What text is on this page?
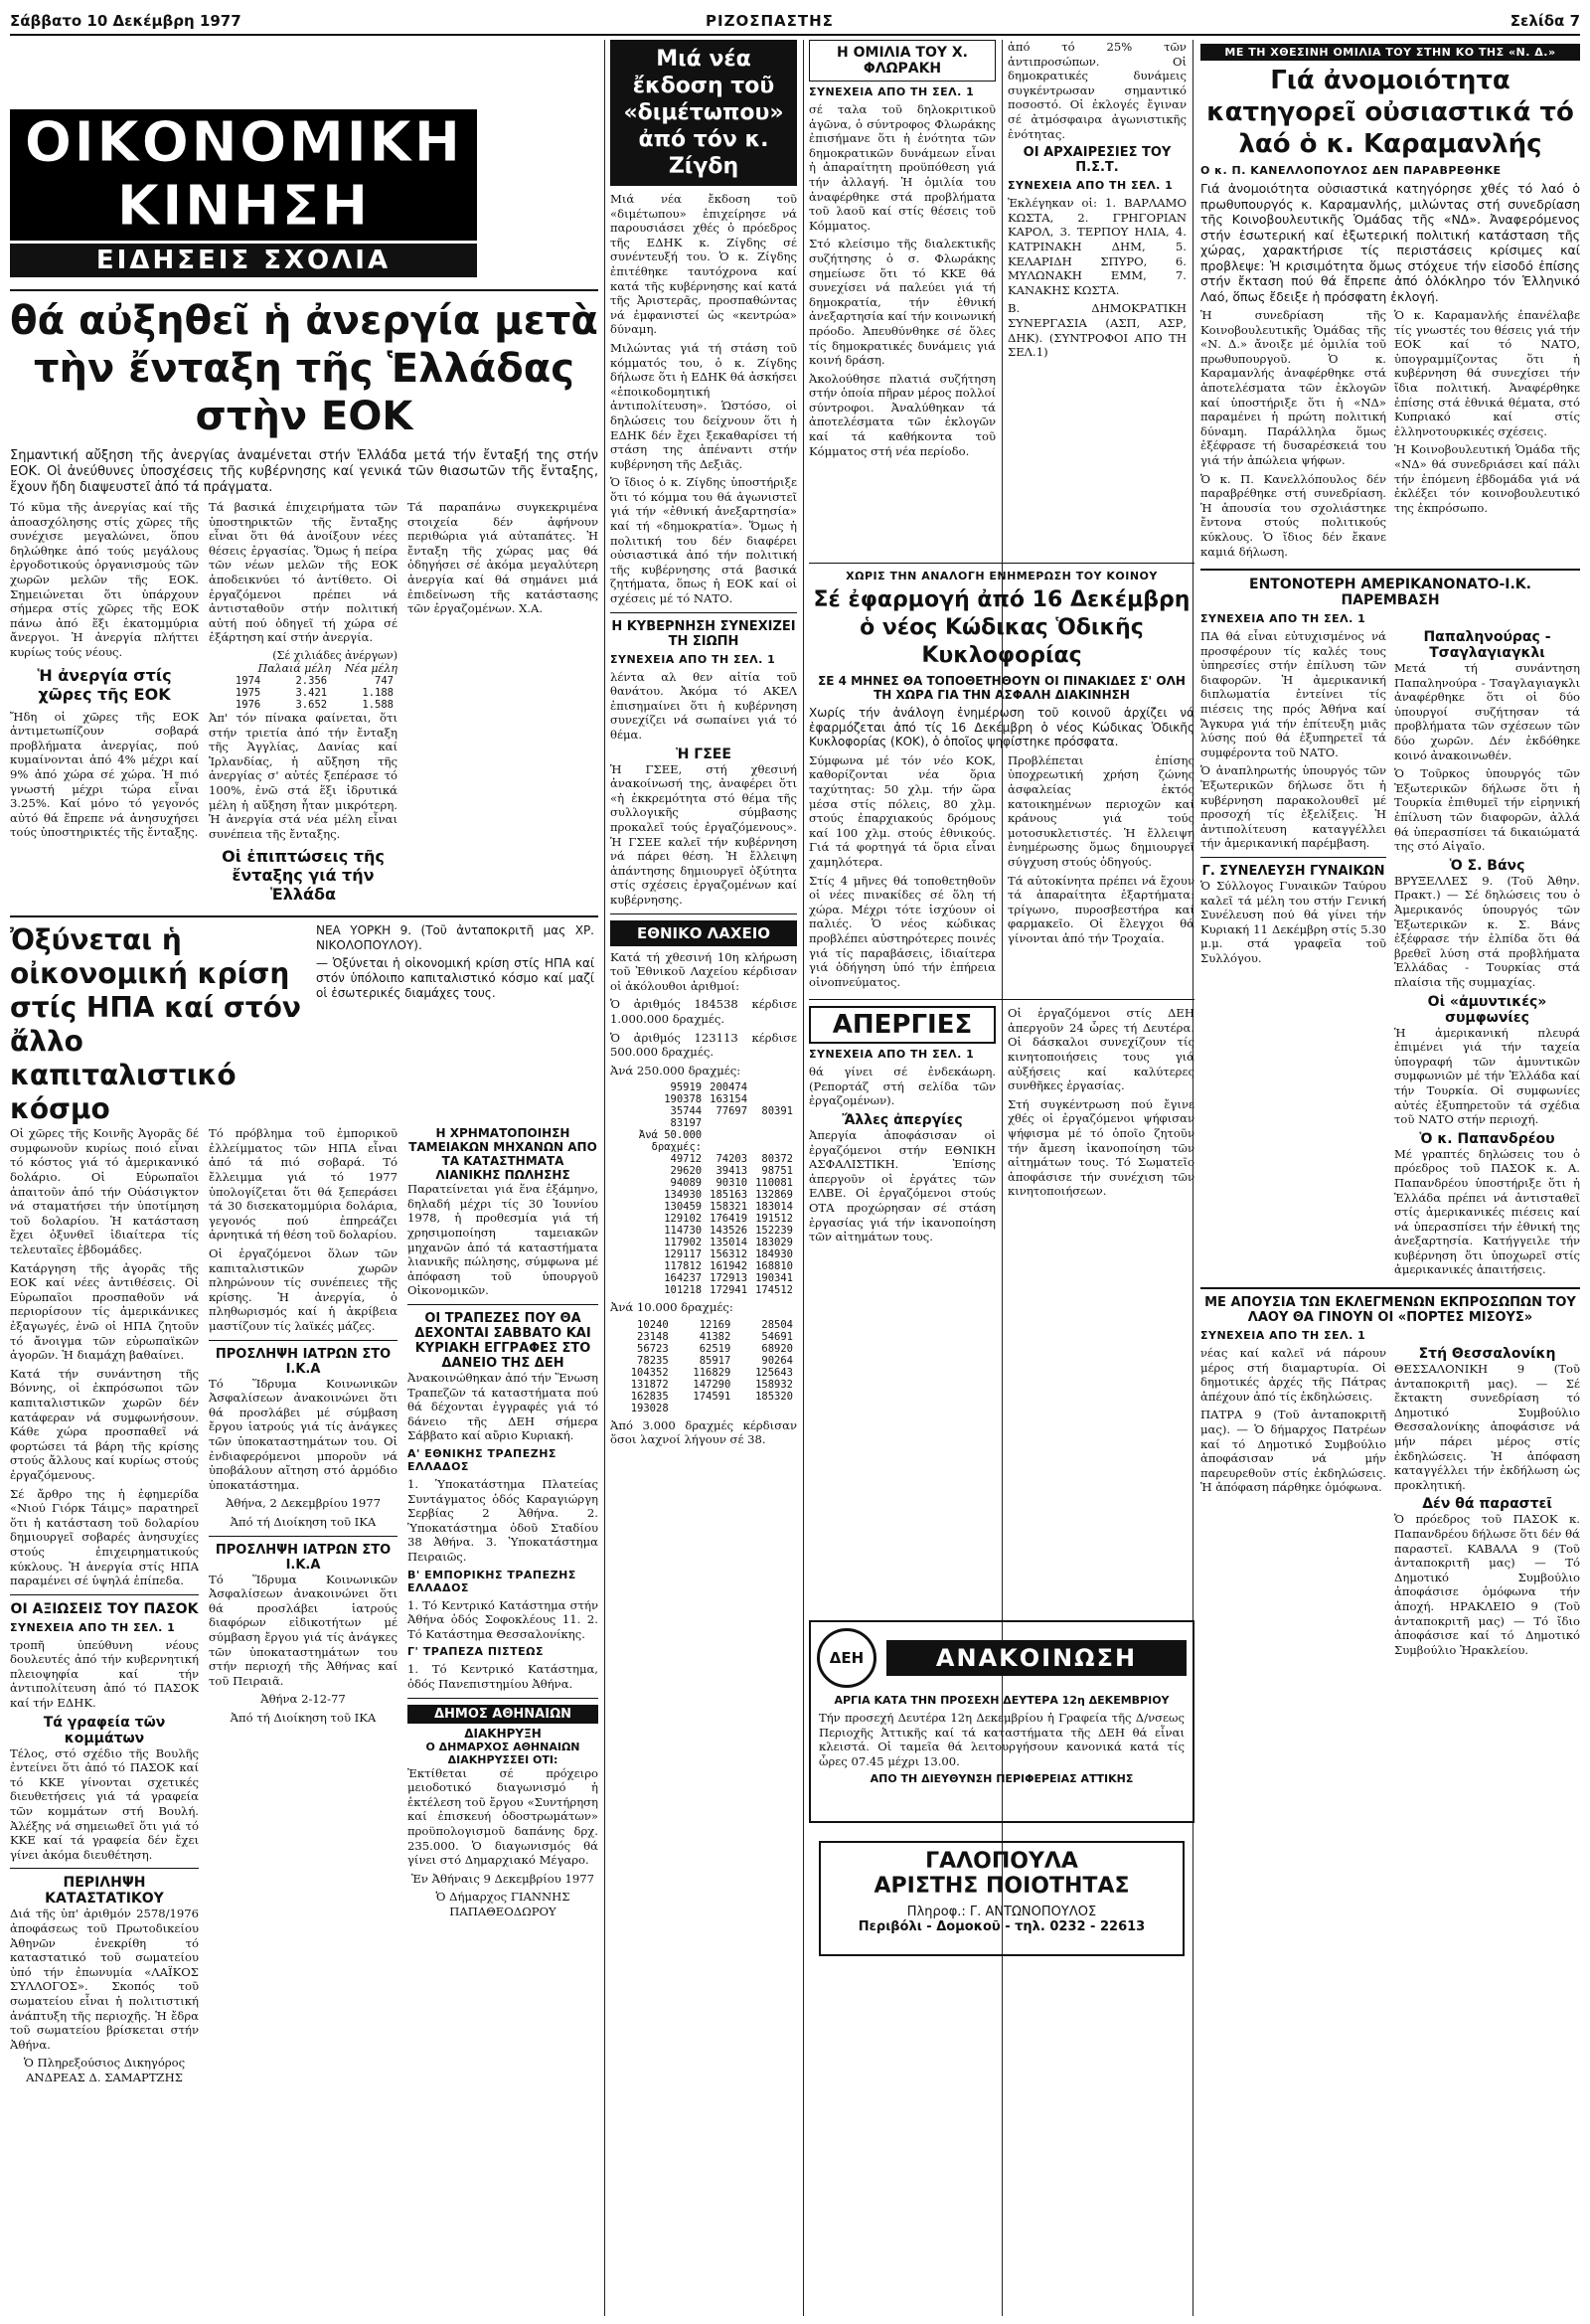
Σάββατο 10 Δεκέμβρη 1977	ΡΙΖΟΣΠΑΣΤΗΣ	Σελίδα 7
ΟΙΚΟΝΟΜΙΚΗ ΚΙΝΗΣΗ
ΕΙΔΗΣΕΙΣ ΣΧΟΛΙΑ
θά αὐξηθεῖ ἡ ἀνεργία μετὰ
τὴν ἔνταξη τῆς Ἑλλάδας στὴν ΕΟΚ

Σημαντική αὔξηση τῆς ἀνεργίας ἀναμένεται στήν Ἑλλάδα μετά τήν ἔνταξή της στήν ΕΟΚ. Οἱ ἀνεύθυνες ὑποσχέσεις τῆς κυβέρνησης καί γενικά τῶν θιασωτῶν τῆς ἔνταξης, ἔχουν ἤδη διαψευστεῖ ἀπό τά πράγματα.

Τό κῦμα τῆς ἀνεργίας καί τῆς ἀποασχόλησης στίς χῶρες τῆς συνέχισε μεγαλώνει, ὅπου δηλώθηκε ἀπό τούς μεγάλους ἐργοδοτικούς ὀργανισμούς τῶν χωρῶν μελῶν τῆς ΕΟΚ. Σημειώνεται ὅτι ὑπάρχουν σήμερα στίς χῶρες τῆς ΕΟΚ πάνω ἀπό ἕξι ἑκατομμύρια ἄνεργοι. Ἡ ἀνεργία πλήττει κυρίως τούς νέους.

Ἡ ἀνεργία στίς χῶρες τῆς ΕΟΚ

Ἤδη οἱ χῶρες τῆς ΕΟΚ ἀντιμετωπίζουν σοβαρά προβλήματα ἀνεργίας, πού κυμαίνονται ἀπό 4% μέχρι καί 9% ἀπό χώρα σέ χώρα. Ἡ πιό γνωστή μέχρι τώρα εἶναι 3.25%. Καί μόνο τό γεγονός αὐτό θά ἔπρεπε νά ἀνησυχήσει τούς ὑποστηρικτές τῆς ἔνταξης.

Τά βασικά ἐπιχειρήματα τῶν ὑποστηρικτῶν τῆς ἔνταξης εἶναι ὅτι θά ἀνοίξουν νέες θέσεις ἐργασίας. Ὅμως ἡ πείρα τῶν νέων μελῶν τῆς ΕΟΚ ἀποδεικνύει τό ἀντίθετο. Οἱ ἐργαζόμενοι πρέπει νά ἀντισταθοῦν στήν πολιτική αὐτή πού ὁδηγεῖ τή χώρα σέ ἐξάρτηση καί στήν ἀνεργία.

(Σέ χιλιάδες ἀνέργων)
Παλαιά μέλη Νέα μέλη
1974	2.356	747
1975	3.421	1.188
1976	3.652	1.588

Ἀπ' τόν πίνακα φαίνεται, ὅτι στήν τριετία ἀπό τήν ἔνταξη τῆς Ἀγγλίας, Δανίας καί Ἰρλανδίας, ἡ αὔξηση τῆς ἀνεργίας σ' αὐτές ξεπέρασε τό 100%, ἐνῶ στά ἕξι ἰδρυτικά μέλη ἡ αὔξηση ἦταν μικρότερη. Ἡ ἀνεργία στά νέα μέλη εἶναι συνέπεια τῆς ἔνταξης.

Οἱ ἐπιπτώσεις τῆς ἔνταξης γιά τήν Ἑλλάδα

Τά παραπάνω συγκεκριμένα στοιχεία δέν ἀφήνουν περιθώρια γιά αὐταπάτες. Ἡ ἔνταξη τῆς χώρας μας θά ὁδηγήσει σέ ἀκόμα μεγαλύτερη ἀνεργία καί θά σημάνει μιά ἐπιδείνωση τῆς κατάστασης τῶν ἐργαζομένων. Χ.Α.

Ὀξύνεται ἡ οἰκονομική κρίση στίς ΗΠΑ καί στόν ἄλλο καπιταλιστικό κόσμο

ΝΕΑ ΥΟΡΚΗ 9. (Τοῦ ἀνταποκριτῆ μας ΧΡ. ΝΙΚΟΛΟΠΟΥΛΟΥ).

— Ὀξύνεται ἡ οἰκονομική κρίση στίς ΗΠΑ καί στόν ὑπόλοιπο καπιταλιστικό κόσμο καί μαζί οἱ ἐσωτερικές διαμάχες τους.

Οἱ χῶρες τῆς Κοινῆς Ἀγορᾶς δέ συμφωνοῦν κυρίως ποιό εἶναι τό κόστος γιά τό ἀμερικανικό δολάριο. Οἱ Εὐρωπαῖοι ἀπαιτοῦν ἀπό τήν Οὐάσιγκτον νά σταματήσει τήν ὑποτίμηση τοῦ δολαρίου. Ἡ κατάσταση ἔχει ὀξυνθεῖ ἰδιαίτερα τίς τελευταῖες ἑβδομάδες.

Κατάργηση τῆς ἀγορᾶς τῆς ΕΟΚ καί νέες ἀντιθέσεις. Οἱ Εὐρωπαῖοι προσπαθοῦν νά περιορίσουν τίς ἀμερικάνικες ἐξαγωγές, ἐνῶ οἱ ΗΠΑ ζητοῦν τό ἄνοιγμα τῶν εὐρωπαϊκῶν ἀγορῶν. Ἡ διαμάχη βαθαίνει.

Κατά τήν συνάντηση τῆς Βόννης, οἱ ἐκπρόσωποι τῶν καπιταλιστικῶν χωρῶν δέν κατάφεραν νά συμφωνήσουν. Κάθε χώρα προσπαθεῖ νά φορτώσει τά βάρη τῆς κρίσης στούς ἄλλους καί κυρίως στούς ἐργαζόμενους.

Σέ ἄρθρο της ἡ ἐφημερίδα «Νιού Γιόρκ Τάιμς» παρατηρεῖ ὅτι ἡ κατάσταση τοῦ δολαρίου δημιουργεῖ σοβαρές ἀνησυχίες στούς ἐπιχειρηματικούς κύκλους. Ἡ ἀνεργία στίς ΗΠΑ παραμένει σέ ὑψηλά ἐπίπεδα.

ΟΙ ΑΞΙΩΣΕΙΣ ΤΟΥ ΠΑΣΟΚ
ΣΥΝΕΧΕΙΑ ΑΠΟ ΤΗ ΣΕΛ. 1

τροπῆ ὑπεύθυνη νέους δουλευτές ἀπό τήν κυβερνητική πλειοψηφία καί τήν ἀντιπολίτευση ἀπό τό ΠΑΣΟΚ καί τήν ΕΔΗΚ.

Τά γραφεία τῶν κομμάτων

Τέλος, στό σχέδιο τῆς Βουλῆς ἐντείνει ὅτι ἀπό τό ΠΑΣΟΚ καί τό ΚΚΕ γίνονται σχετικές διευθετήσεις γιά τά γραφεία τῶν κομμάτων στή Βουλή. Ἀλέξης νά σημειωθεῖ ὅτι γιά τό ΚΚΕ καί τά γραφεία δέν ἔχει γίνει ἀκόμα διευθέτηση.

ΠΕΡΙΛΗΨΗ ΚΑΤΑΣΤΑΤΙΚΟΥ

Διά τῆς ὑπ' ἀριθμόν 2578/1976 ἀποφάσεως τοῦ Πρωτοδικείου Ἀθηνῶν ἐνεκρίθη τό καταστατικό τοῦ σωματείου ὑπό τήν ἐπωνυμία «ΛΑΪΚΟΣ ΣΥΛΛΟΓΟΣ». Σκοπός τοῦ σωματείου εἶναι ἡ πολιτιστική ἀνάπτυξη τῆς περιοχῆς. Ἡ ἔδρα τοῦ σωματείου βρίσκεται στήν Ἀθήνα.

Ὁ Πληρεξούσιος Δικηγόρος ΑΝΔΡΕΑΣ Δ. ΣΑΜΑΡΤΖΗΣ

Τό πρόβλημα τοῦ ἐμπορικοῦ ἐλλείμματος τῶν ΗΠΑ εἶναι ἀπό τά πιό σοβαρά. Τό ἔλλειμμα γιά τό 1977 ὑπολογίζεται ὅτι θά ξεπεράσει τά 30 δισεκατομμύρια δολάρια, γεγονός πού ἐπηρεάζει ἀρνητικά τή θέση τοῦ δολαρίου.

Οἱ ἐργαζόμενοι ὅλων τῶν καπιταλιστικῶν χωρῶν πληρώνουν τίς συνέπειες τῆς κρίσης. Ἡ ἀνεργία, ὁ πληθωρισμός καί ἡ ἀκρίβεια μαστίζουν τίς λαϊκές μάζες.

ΠΡΟΣΛΗΨΗ ΙΑΤΡΩΝ ΣΤΟ Ι.Κ.Α

Τό Ἵδρυμα Κοινωνικῶν Ἀσφαλίσεων ἀνακοινώνει ὅτι θά προσλάβει μέ σύμβαση ἔργου ἰατρούς γιά τίς ἀνάγκες τῶν ὑποκαταστημάτων του. Οἱ ἐνδιαφερόμενοι μποροῦν νά ὑποβάλουν αἴτηση στό ἀρμόδιο ὑποκατάστημα.

Ἀθήνα, 2 Δεκεμβρίου 1977

Ἀπό τή Διοίκηση τοῦ ΙΚΑ

ΠΡΟΣΛΗΨΗ ΙΑΤΡΩΝ ΣΤΟ Ι.Κ.Α

Τό Ἵδρυμα Κοινωνικῶν Ἀσφαλίσεων ἀνακοινώνει ὅτι θά προσλάβει ἰατρούς διαφόρων εἰδικοτήτων μέ σύμβαση ἔργου γιά τίς ἀνάγκες τῶν ὑποκαταστημάτων του στήν περιοχή τῆς Ἀθήνας καί τοῦ Πειραιᾶ.

Ἀθήνα 2-12-77

Ἀπό τή Διοίκηση τοῦ ΙΚΑ

Η ΧΡΗΜΑΤΟΠΟΙΗΣΗ ΤΑΜΕΙΑΚΩΝ ΜΗΧΑΝΩΝ ΑΠΟ ΤΑ ΚΑΤΑΣΤΗΜΑΤΑ ΛΙΑΝΙΚΗΣ ΠΩΛΗΣΗΣ

Παρατείνεται γιά ἕνα ἑξάμηνο, δηλαδή μέχρι τίς 30 Ἰουνίου 1978, ἡ προθεσμία γιά τή χρησιμοποίηση ταμειακῶν μηχανῶν ἀπό τά καταστήματα λιανικῆς πώλησης, σύμφωνα μέ ἀπόφαση τοῦ ὑπουργοῦ Οἰκονομικῶν.

ΟΙ ΤΡΑΠΕΖΕΣ ΠΟΥ ΘΑ ΔΕΧΟΝΤΑΙ ΣΑΒΒΑΤΟ ΚΑΙ ΚΥΡΙΑΚΗ ΕΓΓΡΑΦΕΣ ΣΤΟ ΔΑΝΕΙΟ ΤΗΣ ΔΕΗ

Ἀνακοινώθηκαν ἀπό τήν Ἕνωση Τραπεζῶν τά καταστήματα πού θά δέχονται ἐγγραφές γιά τό δάνειο τῆς ΔΕΗ σήμερα Σάββατο καί αὔριο Κυριακή.

Α' ΕΘΝΙΚΗΣ ΤΡΑΠΕΖΗΣ ΕΛΛΑΔΟΣ

1. Ὑποκατάστημα Πλατείας Συντάγματος ὁδός Καραγιώργη Σερβίας 2 Ἀθήνα. 2. Ὑποκατάστημα ὁδοῦ Σταδίου 38 Ἀθήνα. 3. Ὑποκατάστημα Πειραιῶς.

Β' ΕΜΠΟΡΙΚΗΣ ΤΡΑΠΕΖΗΣ ΕΛΛΑΔΟΣ

1. Τό Κεντρικό Κατάστημα στήν Ἀθήνα ὁδός Σοφοκλέους 11. 2. Τό Κατάστημα Θεσσαλονίκης.

Γ' ΤΡΑΠΕΖΑ ΠΙΣΤΕΩΣ

1. Τό Κεντρικό Κατάστημα, ὁδός Πανεπιστημίου Ἀθήνα.

ΔΗΜΟΣ ΑΘΗΝΑΙΩΝ
ΔΙΑΚΗΡΥΞΗ
Ο ΔΗΜΑΡΧΟΣ ΑΘΗΝΑΙΩΝ ΔΙΑΚΗΡΥΣΣΕΙ ΟΤΙ:

Ἐκτίθεται σέ πρόχειρο μειοδοτικό διαγωνισμό ἡ ἐκτέλεση τοῦ ἔργου «Συντήρηση καί ἐπισκευή ὁδοστρωμάτων» προϋπολογισμοῦ δαπάνης δρχ. 235.000. Ὁ διαγωνισμός θά γίνει στό Δημαρχιακό Μέγαρο.

Ἐν Ἀθήναις 9 Δεκεμβρίου 1977

Ὁ Δήμαρχος ΓΙΑΝΝΗΣ ΠΑΠΑΘΕΟΔΩΡΟΥ

Μιά νέα ἔκδοση τοῦ «διμέτωπου» ἀπό τόν κ. Ζίγδη

Μιά νέα ἔκδοση τοῦ «διμέτωπου» ἐπιχείρησε νά παρουσιάσει χθές ὁ πρόεδρος τῆς ΕΔΗΚ κ. Ζίγδης σέ συνέντευξή του. Ὁ κ. Ζίγδης ἐπιτέθηκε ταυτόχρονα καί κατά τῆς κυβέρνησης καί κατά τῆς Ἀριστερᾶς, προσπαθώντας νά ἐμφανιστεί ὡς «κεντρώα» δύναμη.

Μιλώντας γιά τή στάση τοῦ κόμματός του, ὁ κ. Ζίγδης δήλωσε ὅτι ἡ ΕΔΗΚ θά ἀσκήσει «ἐποικοδομητική ἀντιπολίτευση». Ὡστόσο, οἱ δηλώσεις του δείχνουν ὅτι ἡ ΕΔΗΚ δέν ἔχει ξεκαθαρίσει τή στάση της ἀπέναντι στήν κυβέρνηση τῆς Δεξιᾶς.

Ὁ ἴδιος ὁ κ. Ζίγδης ὑποστήριξε ὅτι τό κόμμα του θά ἀγωνιστεῖ γιά τήν «ἐθνική ἀνεξαρτησία» καί τή «δημοκρατία». Ὅμως ἡ πολιτική του δέν διαφέρει οὐσιαστικά ἀπό τήν πολιτική τῆς κυβέρνησης στά βασικά ζητήματα, ὅπως ἡ ΕΟΚ καί οἱ σχέσεις μέ τό ΝΑΤΟ.

Η ΚΥΒΕΡΝΗΣΗ ΣΥΝΕΧΙΖΕΙ ΤΗ ΣΙΩΠΗ
ΣΥΝΕΧΕΙΑ ΑΠΟ ΤΗ ΣΕΛ. 1

λέντα αλ θεν αἰτία τοῦ θανάτου. Ἀκόμα τό ΑΚΕΛ ἐπισημαίνει ὅτι ἡ κυβέρνηση συνεχίζει νά σωπαίνει γιά τό θέμα.

Ἡ ΓΣΕΕ

Ἡ ΓΣΕΕ, στή χθεσινή ἀνακοίνωσή της, ἀναφέρει ὅτι «ἡ ἐκκρεμότητα στό θέμα τῆς συλλογικῆς σύμβασης προκαλεῖ τούς ἐργαζόμενους». Ἡ ΓΣΕΕ καλεῖ τήν κυβέρνηση νά πάρει θέση. Ἡ ἔλλειψη ἀπάντησης δημιουργεῖ ὀξύτητα στίς σχέσεις ἐργαζομένων καί κυβέρνησης.

ΕΘΝΙΚΟ ΛΑΧΕΙΟ

Κατά τή χθεσινή 10η κλήρωση τοῦ Ἐθνικοῦ Λαχείου κέρδισαν οἱ ἀκόλουθοι ἀριθμοί:

Ὁ ἀριθμός 184538 κέρδισε 1.000.000 δραχμές.

Ὁ ἀριθμός 123113 κέρδισε 500.000 δραχμές.

Ἀνά 250.000 δραχμές:

95919	200474	
190378	163154	
35744	77697	80391
83197		
Ἀνά 50.000 δραχμές:		
49712	74203	80372
29620	39413	98751
94089	90310	110081
134930	185163	132869
130459	158321	183014
129102	176419	191512
114730	143526	152239
117902	135014	183029
129117	156312	184930
117812	161942	168810
164237	172913	190341
101218	172941	174512

Ἀνά 10.000 δραχμές:

10240	12169	28504
23148	41382	54691
56723	62519	68920
78235	85917	90264
104352	116829	125643
131872	147290	158932
162835	174591	185320
193028		

Ἀπό 3.000 δραχμές κέρδισαν ὅσοι λαχνοί λήγουν σέ 38.

Η ΟΜΙΛΙΑ ΤΟΥ Χ. ΦΛΩΡΑΚΗ
ΣΥΝΕΧΕΙΑ ΑΠΟ ΤΗ ΣΕΛ. 1

σέ ταλα τοῦ δηλοκριτικοῦ ἀγῶνα, ὁ σύντροφος Φλωράκης ἐπισήμανε ὅτι ἡ ἑνότητα τῶν δημοκρατικῶν δυνάμεων εἶναι ἡ ἀπαραίτητη προϋπόθεση γιά τήν ἀλλαγή. Ἡ ὁμιλία του ἀναφέρθηκε στά προβλήματα τοῦ λαοῦ καί στίς θέσεις τοῦ Κόμματος.

Στό κλείσιμο τῆς διαλεκτικῆς συζήτησης ὁ σ. Φλωράκης σημείωσε ὅτι τό ΚΚΕ θά συνεχίσει νά παλεύει γιά τή δημοκρατία, τήν ἐθνική ἀνεξαρτησία καί τήν κοινωνική πρόοδο. Ἀπευθύνθηκε σέ ὅλες τίς δημοκρατικές δυνάμεις γιά κοινή δράση.

Ἀκολούθησε πλατιά συζήτηση στήν ὁποία πῆραν μέρος πολλοί σύντροφοι. Ἀναλύθηκαν τά ἀποτελέσματα τῶν ἐκλογῶν καί τά καθήκοντα τοῦ Κόμματος στή νέα περίοδο.

ἀπό τό 25% τῶν ἀντιπροσώπων. Οἱ δημοκρατικές δυνάμεις συγκέντρωσαν σημαντικό ποσοστό. Οἱ ἐκλογές ἔγιναν σέ ἀτμόσφαιρα ἀγωνιστικῆς ἑνότητας.

ΟΙ ΑΡΧΑΙΡΕΣΙΕΣ ΤΟΥ Π.Σ.Τ.
ΣΥΝΕΧΕΙΑ ΑΠΟ ΤΗ ΣΕΛ. 1

Ἐκλέγηκαν οἱ: 1. ΒΑΡΛΑΜΟ ΚΩΣΤΑ, 2. ΓΡΗΓΟΡΙΑΝ ΚΑΡΟΛ, 3. ΤΕΡΠΟΥ ΗΛΙΑ, 4. ΚΑΤΡΙΝΑΚΗ ΔΗΜ, 5. ΚΕΛΑΡΙΔΗ ΣΠΥΡΟ, 6. ΜΥΛΩΝΑΚΗ ΕΜΜ, 7. ΚΑΝΑΚΗΣ ΚΩΣΤΑ.

Β. ΔΗΜΟΚΡΑΤΙΚΗ ΣΥΝΕΡΓΑΣΙΑ (ΑΣΠ, ΑΣΡ, ΔΗΚ). (ΣΥΝΤΡΟΦΟΙ ΑΠΟ ΤΗ ΣΕΛ.1)

ΧΩΡΙΣ ΤΗΝ ΑΝΑΛΟΓΗ ΕΝΗΜΕΡΩΣΗ ΤΟΥ ΚΟΙΝΟΥ
Σέ ἐφαρμογή ἀπό 16 Δεκέμβρη ὁ νέος Κώδικας Ὁδικῆς Κυκλοφορίας
ΣΕ 4 ΜΗΝΕΣ ΘΑ ΤΟΠΟΘΕΤΗΘΟΥΝ ΟΙ ΠΙΝΑΚΙΔΕΣ Σ' ΟΛΗ ΤΗ ΧΩΡΑ ΓΙΑ ΤΗΝ ΑΣΦΑΛΗ ΔΙΑΚΙΝΗΣΗ

Χωρίς τήν ἀνάλογη ἐνημέρωση τοῦ κοινοῦ ἀρχίζει νά ἐφαρμόζεται ἀπό τίς 16 Δεκέμβρη ὁ νέος Κώδικας Ὁδικῆς Κυκλοφορίας (ΚΟΚ), ὁ ὁποῖος ψηφίστηκε πρόσφατα.

Σύμφωνα μέ τόν νέο ΚΟΚ, καθορίζονται νέα ὅρια ταχύτητας: 50 χλμ. τήν ὥρα μέσα στίς πόλεις, 80 χλμ. στούς ἐπαρχιακούς δρόμους καί 100 χλμ. στούς ἐθνικούς. Γιά τά φορτηγά τά ὅρια εἶναι χαμηλότερα.

Στίς 4 μῆνες θά τοποθετηθοῦν οἱ νέες πινακίδες σέ ὅλη τή χώρα. Μέχρι τότε ἰσχύουν οἱ παλιές. Ὁ νέος κώδικας προβλέπει αὐστηρότερες ποινές γιά τίς παραβάσεις, ἰδιαίτερα γιά ὁδήγηση ὑπό τήν ἐπήρεια οἰνοπνεύματος.

Προβλέπεται ἐπίσης ὑποχρεωτική χρήση ζώνης ἀσφαλείας ἐκτός κατοικημένων περιοχῶν καί κράνους γιά τούς μοτοσυκλετιστές. Ἡ ἔλλειψη ἐνημέρωσης ὅμως δημιουργεῖ σύγχυση στούς ὁδηγούς.

Τά αὐτοκίνητα πρέπει νά ἔχουν τά ἀπαραίτητα ἐξαρτήματα: τρίγωνο, πυροσβεστήρα καί φαρμακεῖο. Οἱ ἔλεγχοι θά γίνονται ἀπό τήν Τροχαία.

ΑΠΕΡΓΙΕΣ
ΣΥΝΕΧΕΙΑ ΑΠΟ ΤΗ ΣΕΛ. 1

θά γίνει σέ ἐνδεκάωρη. (Ρεπορτάζ στή σελίδα τῶν ἐργαζομένων).

Ἄλλες ἀπεργίες

Ἀπεργία ἀποφάσισαν οἱ ἐργαζόμενοι στήν ΕΘΝΙΚΗ ΑΣΦΑΛΙΣΤΙΚΗ. Ἐπίσης ἀπεργοῦν οἱ ἐργάτες τῶν ΕΛΒΕ. Οἱ ἐργαζόμενοι στούς ΟΤΑ προχώρησαν σέ στάση ἐργασίας γιά τήν ἱκανοποίηση τῶν αἰτημάτων τους.

Οἱ ἐργαζόμενοι στίς ΔΕΗ ἀπεργοῦν 24 ὧρες τή Δευτέρα. Οἱ δάσκαλοι συνεχίζουν τίς κινητοποιήσεις τους γιά αὐξήσεις καί καλύτερες συνθῆκες ἐργασίας.

Στή συγκέντρωση πού ἔγινε χθές οἱ ἐργαζόμενοι ψήφισαν ψήφισμα μέ τό ὁποῖο ζητοῦν τήν ἄμεση ἱκανοποίηση τῶν αἰτημάτων τους. Τό Σωματεῖο ἀποφάσισε τήν συνέχιση τῶν κινητοποιήσεων.

ΔΕΗ	ΑΝΑΚΟΙΝΩΣΗ
ΑΡΓΙΑ ΚΑΤΑ ΤΗΝ ΠΡΟΣΕΧΗ ΔΕΥΤΕΡΑ 12η ΔΕΚΕΜΒΡΙΟΥ

Τήν προσεχή Δευτέρα 12η Δεκεμβρίου ἡ Γραφεία τῆς Δ/νσεως Περιοχῆς Ἀττικῆς καί τά καταστήματα τῆς ΔΕΗ θά εἶναι κλειστά. Οἱ ταμεῖα θά λειτουργήσουν κανονικά κατά τίς ὧρες 07.45 μέχρι 13.00.

ΑΠΟ ΤΗ ΔΙΕΥΘΥΝΣΗ ΠΕΡΙΦΕΡΕΙΑΣ ΑΤΤΙΚΗΣ
ΓΑΛΟΠΟΥΛΑ
ΑΡΙΣΤΗΣ ΠΟΙΟΤΗΤΑΣ
Πληροφ.: Γ. ΑΝΤΩΝΟΠΟΥΛΟΣ
Περιβόλι - Δομοκοῦ - τηλ. 0232 - 22613
ΜΕ ΤΗ ΧΘΕΣΙΝΗ ΟΜΙΛΙΑ ΤΟΥ ΣΤΗΝ ΚΟ ΤΗΣ «Ν. Δ.»
Γιά ἀνομοιότητα κατηγορεῖ οὐσιαστικά τό λαό ὁ κ. Καραμανλής
Ο κ. Π. ΚΑΝΕΛΛΟΠΟΥΛΟΣ ΔΕΝ ΠΑΡΑΒΡΕΘΗΚΕ

Γιά ἀνομοιότητα οὐσιαστικά κατηγόρησε χθές τό λαό ὁ πρωθυπουργός κ. Καραμανλής, μιλώντας στή συνεδρίαση τῆς Κοινοβουλευτικῆς Ὁμάδας τῆς «ΝΔ». Ἀναφερόμενος στήν ἐσωτερική καί ἐξωτερική πολιτική κατάσταση τῆς χώρας, χαρακτήρισε τίς περιστάσεις κρίσιμες καί προβλεψε: Ἡ κρισιμότητα ὅμως στόχευε τήν εἰσοδό ἐπίσης στήν ἔκταση πού θά ἔπρεπε ἀπό ὁλόκληρο τόν Ἑλληνικό Λαό, ὅπως ἔδειξε ἡ πρόσφατη ἐκλογή.

Ἡ συνεδρίαση τῆς Κοινοβουλευτικῆς Ὁμάδας τῆς «Ν. Δ.» ἄνοιξε μέ ὁμιλία τοῦ πρωθυπουργοῦ. Ὁ κ. Καραμανλής ἀναφέρθηκε στά ἀποτελέσματα τῶν ἐκλογῶν καί ὑποστήριξε ὅτι ἡ «ΝΔ» παραμένει ἡ πρώτη πολιτική δύναμη. Παράλληλα ὅμως ἐξέφρασε τή δυσαρέσκειά του γιά τήν ἀπώλεια ψήφων.

Ὁ κ. Π. Κανελλόπουλος δέν παραβρέθηκε στή συνεδρίαση. Ἡ ἀπουσία του σχολιάστηκε ἔντονα στούς πολιτικούς κύκλους. Ὁ ἴδιος δέν ἔκανε καμιά δήλωση.

Ὁ κ. Καραμανλής ἐπανέλαβε τίς γνωστές του θέσεις γιά τήν ΕΟΚ καί τό ΝΑΤΟ, ὑπογραμμίζοντας ὅτι ἡ κυβέρνηση θά συνεχίσει τήν ἴδια πολιτική. Ἀναφέρθηκε ἐπίσης στά ἐθνικά θέματα, στό Κυπριακό καί στίς ἑλληνοτουρκικές σχέσεις.

Ἡ Κοινοβουλευτική Ὁμάδα τῆς «ΝΔ» θά συνεδριάσει καί πάλι τήν ἑπόμενη ἑβδομάδα γιά νά ἐκλέξει τόν κοινοβουλευτικό της ἐκπρόσωπο.

ΕΝΤΟΝΟΤΕΡΗ ΑΜΕΡΙΚΑΝΟΝΑΤΟ-Ι.Κ. ΠΑΡΕΜΒΑΣΗ
ΣΥΝΕΧΕΙΑ ΑΠΟ ΤΗ ΣΕΛ. 1

ΠΑ θά εἶναι εὐτυχισμένος νά προσφέρουν τίς καλές τους ὑπηρεσίες στήν ἐπίλυση τῶν διαφορῶν. Ἡ ἀμερικανική διπλωματία ἐντείνει τίς πιέσεις της πρός Ἀθήνα καί Ἄγκυρα γιά τήν ἐπίτευξη μιᾶς λύσης πού θά ἐξυπηρετεῖ τά συμφέροντα τοῦ ΝΑΤΟ.

Ὁ ἀναπληρωτής ὑπουργός τῶν Ἐξωτερικῶν δήλωσε ὅτι ἡ κυβέρνηση παρακολουθεῖ μέ προσοχή τίς ἐξελίξεις. Ἡ ἀντιπολίτευση καταγγέλλει τήν ἀμερικανική παρέμβαση.

Γ. ΣΥΝΕΛΕΥΣΗ ΓΥΝΑΙΚΩΝ

Ὁ Σύλλογος Γυναικῶν Ταύρου καλεῖ τά μέλη του στήν Γενική Συνέλευση πού θά γίνει τήν Κυριακή 11 Δεκέμβρη στίς 5.30 μ.μ. στά γραφεῖα τοῦ Συλλόγου.

Παπαληνούρας - Τσαγλαγιαγκλι

Μετά τή συνάντηση Παπαληνούρα - Τσαγλαγιαγκλι ἀναφέρθηκε ὅτι οἱ δύο ὑπουργοί συζήτησαν τά προβλήματα τῶν σχέσεων τῶν δύο χωρῶν. Δέν ἐκδόθηκε κοινό ἀνακοινωθέν.

Ὁ Τοῦρκος ὑπουργός τῶν Ἐξωτερικῶν δήλωσε ὅτι ἡ Τουρκία ἐπιθυμεῖ τήν εἰρηνική ἐπίλυση τῶν διαφορῶν, ἀλλά θά ὑπερασπίσει τά δικαιώματά της στό Αἰγαῖο.

Ὁ Σ. Βάνς

ΒΡΥΞΕΛΛΕΣ 9. (Τοῦ Ἀθην. Πρακτ.) — Σέ δηλώσεις του ὁ Ἀμερικανός ὑπουργός τῶν Ἐξωτερικῶν κ. Σ. Βάνς ἐξέφρασε τήν ἐλπίδα ὅτι θά βρεθεῖ λύση στά προβλήματα Ἑλλάδας - Τουρκίας στά πλαίσια τῆς συμμαχίας.

Οἱ «ἀμυντικές» συμφωνίες

Ἡ ἀμερικανική πλευρά ἐπιμένει γιά τήν ταχεία ὑπογραφή τῶν ἀμυντικῶν συμφωνιῶν μέ τήν Ἑλλάδα καί τήν Τουρκία. Οἱ συμφωνίες αὐτές ἐξυπηρετοῦν τά σχέδια τοῦ ΝΑΤΟ στήν περιοχή.

Ὁ κ. Παπανδρέου

Μέ γραπτές δηλώσεις του ὁ πρόεδρος τοῦ ΠΑΣΟΚ κ. Α. Παπανδρέου ὑποστήριξε ὅτι ἡ Ἑλλάδα πρέπει νά ἀντισταθεῖ στίς ἀμερικανικές πιέσεις καί νά ὑπερασπίσει τήν ἐθνική της ἀνεξαρτησία. Κατήγγειλε τήν κυβέρνηση ὅτι ὑποχωρεῖ στίς ἀμερικανικές ἀπαιτήσεις.

ΜΕ ΑΠΟΥΣΙΑ ΤΩΝ ΕΚΛΕΓΜΕΝΩΝ ΕΚΠΡΟΣΩΠΩΝ ΤΟΥ ΛΑΟΥ ΘΑ ΓΙΝΟΥΝ ΟΙ «ΠΟΡΤΕΣ ΜΙΣΟΥΣ»
ΣΥΝΕΧΕΙΑ ΑΠΟ ΤΗ ΣΕΛ. 1

νέας καί καλεῖ νά πάρουν μέρος στή διαμαρτυρία. Οἱ δημοτικές ἀρχές τῆς Πάτρας ἀπέχουν ἀπό τίς ἐκδηλώσεις.

ΠΑΤΡΑ 9 (Τοῦ ἀνταποκριτῆ μας). — Ὁ δήμαρχος Πατρέων καί τό Δημοτικό Συμβούλιο ἀποφάσισαν νά μήν παρευρεθοῦν στίς ἐκδηλώσεις. Ἡ ἀπόφαση πάρθηκε ὁμόφωνα.

Στή Θεσσαλονίκη

ΘΕΣΣΑΛΟΝΙΚΗ 9 (Τοῦ ἀνταποκριτῆ μας). — Σέ ἔκτακτη συνεδρίαση τό Δημοτικό Συμβούλιο Θεσσαλονίκης ἀποφάσισε νά μήν πάρει μέρος στίς ἐκδηλώσεις. Ἡ ἀπόφαση καταγγέλλει τήν ἐκδήλωση ὡς προκλητική.

Δέν θά παραστεῖ

Ὁ πρόεδρος τοῦ ΠΑΣΟΚ κ. Παπανδρέου δήλωσε ὅτι δέν θά παραστεῖ. ΚΑΒΑΛΑ 9 (Τοῦ ἀνταποκριτῆ μας) — Τό Δημοτικό Συμβούλιο ἀποφάσισε ὁμόφωνα τήν ἀποχή. ΗΡΑΚΛΕΙΟ 9 (Τοῦ ἀνταποκριτῆ μας) — Τό ἴδιο ἀποφάσισε καί τό Δημοτικό Συμβούλιο Ἡρακλείου.
